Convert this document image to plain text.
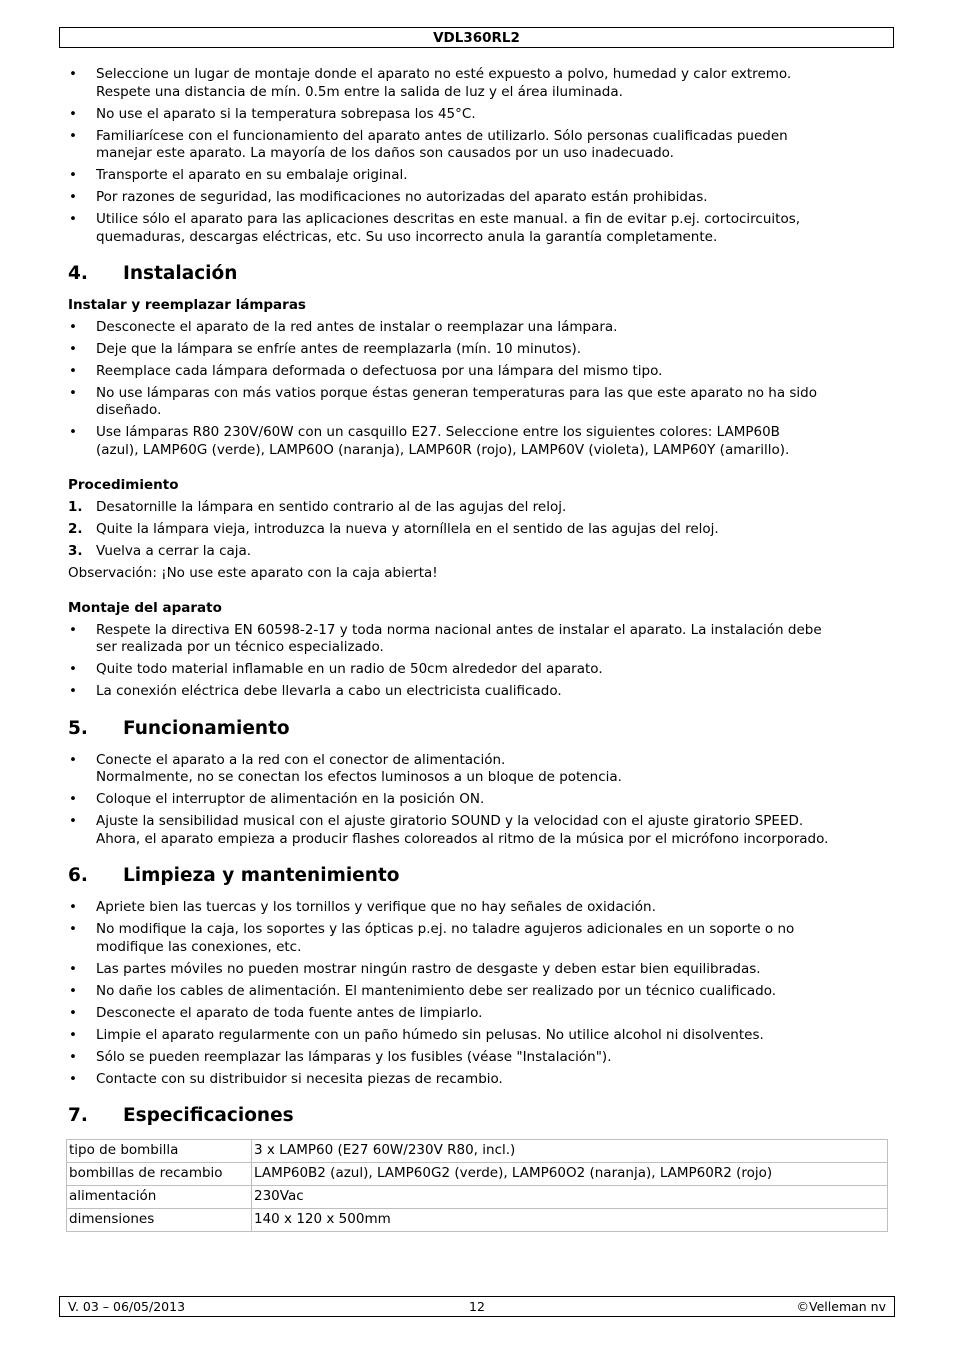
VDL360RL2
• Seleccione un lugar de montaje donde el aparato no esté expuesto a polvo, humedad y calor extremo.
Respete una distancia de mín. 0.5m entre la salida de luz y el área iluminada.
• No use el aparato si la temperatura sobrepasa los 45°C.
• Familiarícese con el funcionamiento del aparato antes de utilizarlo. Sólo personas cualificadas pueden
manejar este aparato. La mayoría de los daños son causados por un uso inadecuado.
• Transporte el aparato en su embalaje original.
• Por razones de seguridad, las modificaciones no autorizadas del aparato están prohibidas.
• Utilice sólo el aparato para las aplicaciones descritas en este manual. a fin de evitar p.ej. cortocircuitos,
quemaduras, descargas eléctricas, etc. Su uso incorrecto anula la garantía completamente.
4. Instalación
Instalar y reemplazar lámparas
• Desconecte el aparato de la red antes de instalar o reemplazar una lámpara.
• Deje que la lámpara se enfríe antes de reemplazarla (mín. 10 minutos).
• Reemplace cada lámpara deformada o defectuosa por una lámpara del mismo tipo.
• No use lámparas con más vatios porque éstas generan temperaturas para las que este aparato no ha sido
diseñado.
• Use lámparas R80 230V/60W con un casquillo E27. Seleccione entre los siguientes colores: LAMP60B
(azul), LAMP60G (verde), LAMP60O (naranja), LAMP60R (rojo), LAMP60V (violeta), LAMP60Y (amarillo).
Procedimiento
1. Desatornille la lámpara en sentido contrario al de las agujas del reloj.
2. Quite la lámpara vieja, introduzca la nueva y atorníllela en el sentido de las agujas del reloj.
3. Vuelva a cerrar la caja.

Observación: ¡No use este aparato con la caja abierta!

Montaje del aparato
• Respete la directiva EN 60598-2-17 y toda norma nacional antes de instalar el aparato. La instalación debe
ser realizada por un técnico especializado.
• Quite todo material inflamable en un radio de 50cm alrededor del aparato.
• La conexión eléctrica debe llevarla a cabo un electricista cualificado.
5. Funcionamiento
• Conecte el aparato a la red con el conector de alimentación.
Normalmente, no se conectan los efectos luminosos a un bloque de potencia.
• Coloque el interruptor de alimentación en la posición ON.
• Ajuste la sensibilidad musical con el ajuste giratorio SOUND y la velocidad con el ajuste giratorio SPEED.
Ahora, el aparato empieza a producir flashes coloreados al ritmo de la música por el micrófono incorporado.
6. Limpieza y mantenimiento
• Apriete bien las tuercas y los tornillos y verifique que no hay señales de oxidación.
• No modifique la caja, los soportes y las ópticas p.ej. no taladre agujeros adicionales en un soporte o no
modifique las conexiones, etc.
• Las partes móviles no pueden mostrar ningún rastro de desgaste y deben estar bien equilibradas.
• No dañe los cables de alimentación. El mantenimiento debe ser realizado por un técnico cualificado.
• Desconecte el aparato de toda fuente antes de limpiarlo.
• Limpie el aparato regularmente con un paño húmedo sin pelusas. No utilice alcohol ni disolventes.
• Sólo se pueden reemplazar las lámparas y los fusibles (véase "Instalación").
• Contacte con su distribuidor si necesita piezas de recambio.
7. Especificaciones
tipo de bombilla	3 x LAMP60 (E27 60W/230V R80, incl.)
bombillas de recambio	LAMP60B2 (azul), LAMP60G2 (verde), LAMP60O2 (naranja), LAMP60R2 (rojo)
alimentación	230Vac
dimensiones	140 x 120 x 500mm
V. 03 – 06/05/2013	12	©Velleman nv
